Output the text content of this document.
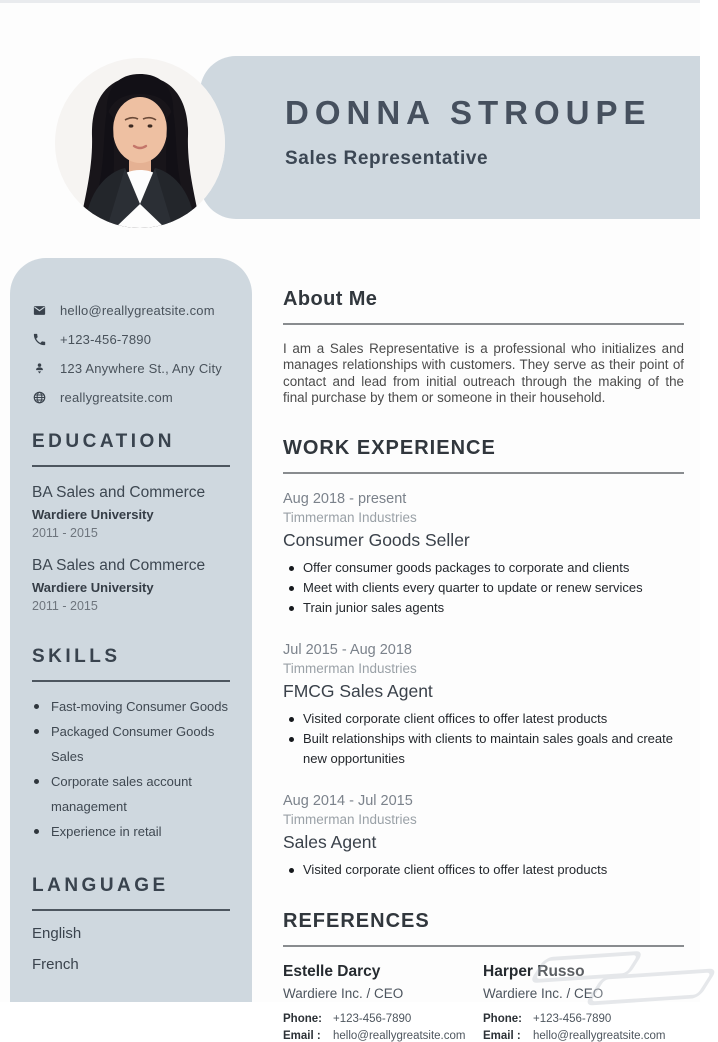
DONNA STROUPE
Sales Representative
hello@reallygreatsite.com
+123-456-7890
123 Anywhere St., Any City
reallygreatsite.com
EDUCATION
BA Sales and Commerce
Wardiere University
2011 - 2015
BA Sales and Commerce
Wardiere University
2011 - 2015
SKILLS
Fast-moving Consumer Goods
Packaged Consumer Goods Sales
Corporate sales account management
Experience in retail
LANGUAGE
English
French
About Me

I am a Sales Representative is a professional who initializes and manages relationships with customers. They serve as their point of contact and lead from initial outreach through the making of the final purchase by them or someone in their household.

WORK EXPERIENCE
Aug 2018 - present
Timmerman Industries
Consumer Goods Seller
Offer consumer goods packages to corporate and clients
Meet with clients every quarter to update or renew services
Train junior sales agents
Jul 2015 - Aug 2018
Timmerman Industries
FMCG Sales Agent
Visited corporate client offices to offer latest products
Built relationships with clients to maintain sales goals and create new opportunities
Aug 2014 - Jul 2015
Timmerman Industries
Sales Agent
Visited corporate client offices to offer latest products
REFERENCES
Estelle Darcy
Wardiere Inc. / CEO
Phone: +123-456-7890
Email :	hello@reallygreatsite.com
Harper Russo
Wardiere Inc. / CEO
Phone: +123-456-7890
Email :	hello@reallygreatsite.com
